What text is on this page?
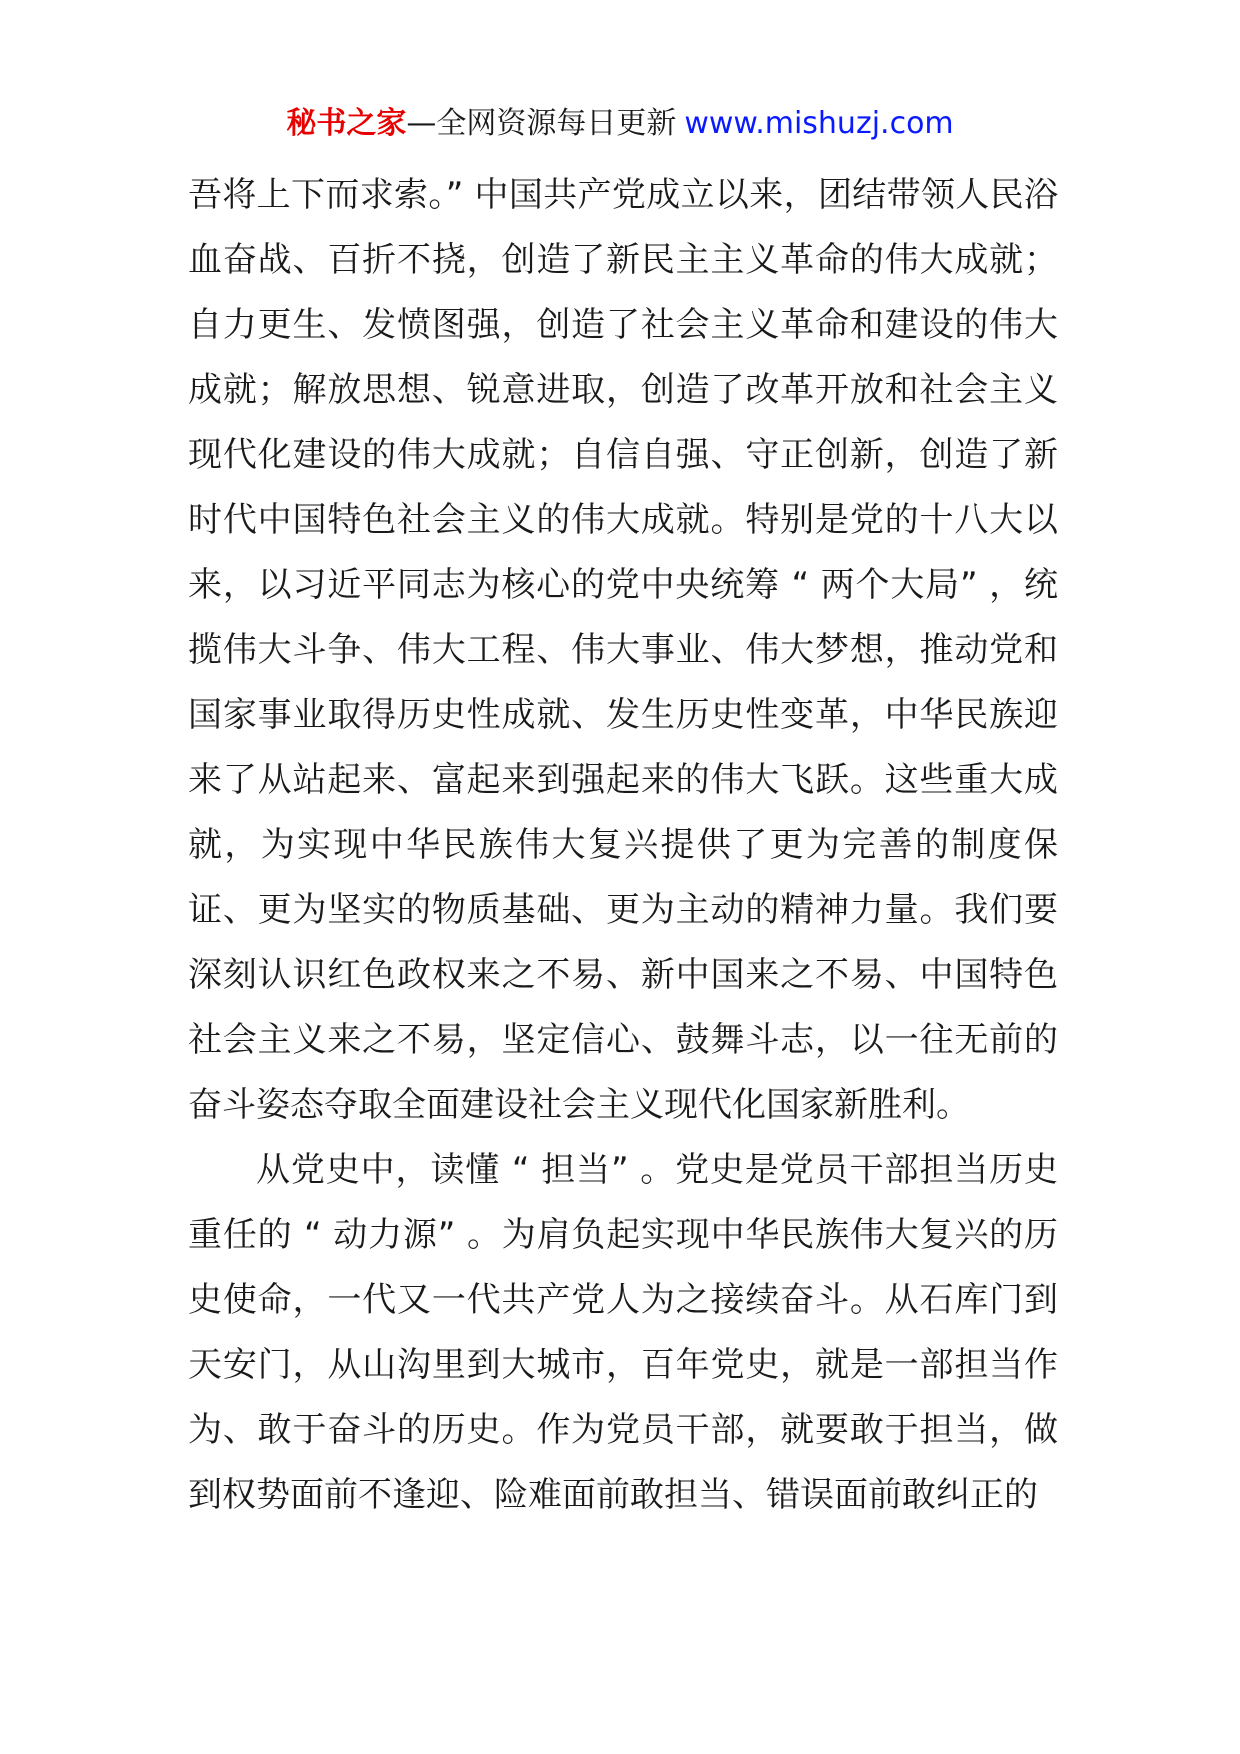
秘书之家—全网资源每日更新 www.mishuzj.com

吾将上下而求索。” 中国共产党成立以来，团结带领人民浴血奋战、百折不挠，创造了新民主主义革命的伟大成就；自力更生、发愤图强，创造了社会主义革命和建设的伟大成就；解放思想、锐意进取，创造了改革开放和社会主义现代化建设的伟大成就；自信自强、守正创新，创造了新时代中国特色社会主义的伟大成就。特别是党的十八大以来，以习近平同志为核心的党中央统筹 “ 两个大局” ，统揽伟大斗争、伟大工程、伟大事业、伟大梦想，推动党和国家事业取得历史性成就、发生历史性变革，中华民族迎来了从站起来、富起来到强起来的伟大飞跃。这些重大成就，为实现中华民族伟大复兴提供了更为完善的制度保证、更为坚实的物质基础、更为主动的精神力量。我们要深刻认识红色政权来之不易、新中国来之不易、中国特色社会主义来之不易，坚定信心、鼓舞斗志，以一往无前的奋斗姿态夺取全面建设社会主义现代化国家新胜利。

从党史中，读懂 “ 担当” 。党史是党员干部担当历史重任的 “ 动力源” 。为肩负起实现中华民族伟大复兴的历史使命，一代又一代共产党人为之接续奋斗。从石库门到天安门，从山沟里到大城市，百年党史，就是一部担当作为、敢于奋斗的历史。作为党员干部，就要敢于担当，做到权势面前不逢迎、险难面前敢担当、错误面前敢纠正的
